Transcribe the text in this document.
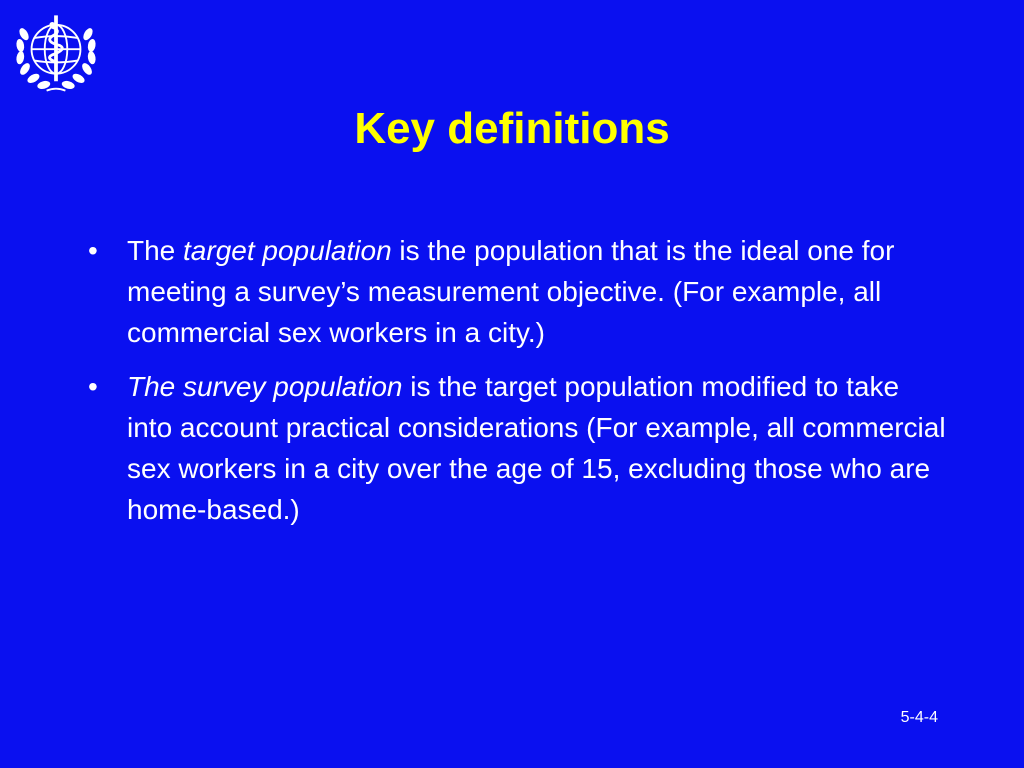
Key definitions
• The target population is the population that is the ideal one for meeting a survey’s measurement objective. (For example, all commercial sex workers in a city.)
• The survey population is the target population modified to take into account practical considerations (For example, all commercial sex workers in a city over the age of 15, excluding those who are home-based.)
5-4-4
